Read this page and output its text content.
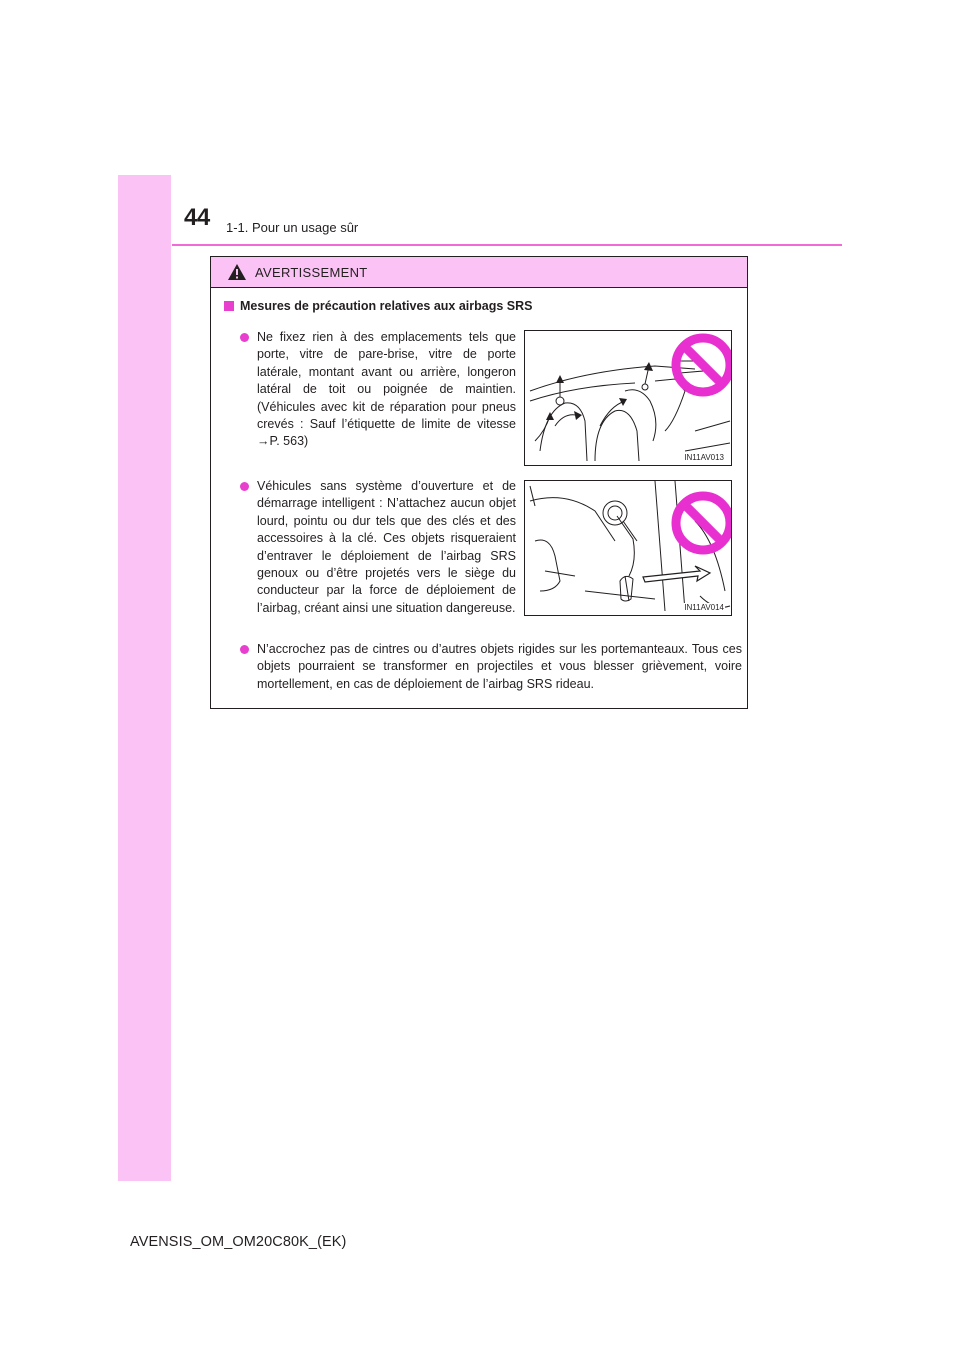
44 1-1. Pour un usage sûr
AVERTISSEMENT
Mesures de précaution relatives aux airbags SRS
Ne fixez rien à des emplacements tels que porte, vitre de pare-brise, vitre de porte latérale, montant avant ou arrière, longeron latéral de toit ou poignée de maintien. (Véhicules avec kit de réparation pour pneus crevés : Sauf l’étiquette de limite de vitesse →P. 563)
IN11AV013
Véhicules sans système d’ouverture et de démarrage intelligent : N’attachez aucun objet lourd, pointu ou dur tels que des clés et des accessoires à la clé. Ces objets risqueraient d’entraver le déploiement de l’airbag SRS genoux ou d’être projetés vers le siège du conducteur par la force de déploiement de l’airbag, créant ainsi une situation dangereuse.	IN11AV014
N’accrochez pas de cintres ou d’autres objets rigides sur les portemanteaux. Tous ces objets pourraient se transformer en projectiles et vous blesser grièvement, voire mortellement, en cas de déploiement de l’airbag SRS rideau.
AVENSIS_OM_OM20C80K_(EK)
